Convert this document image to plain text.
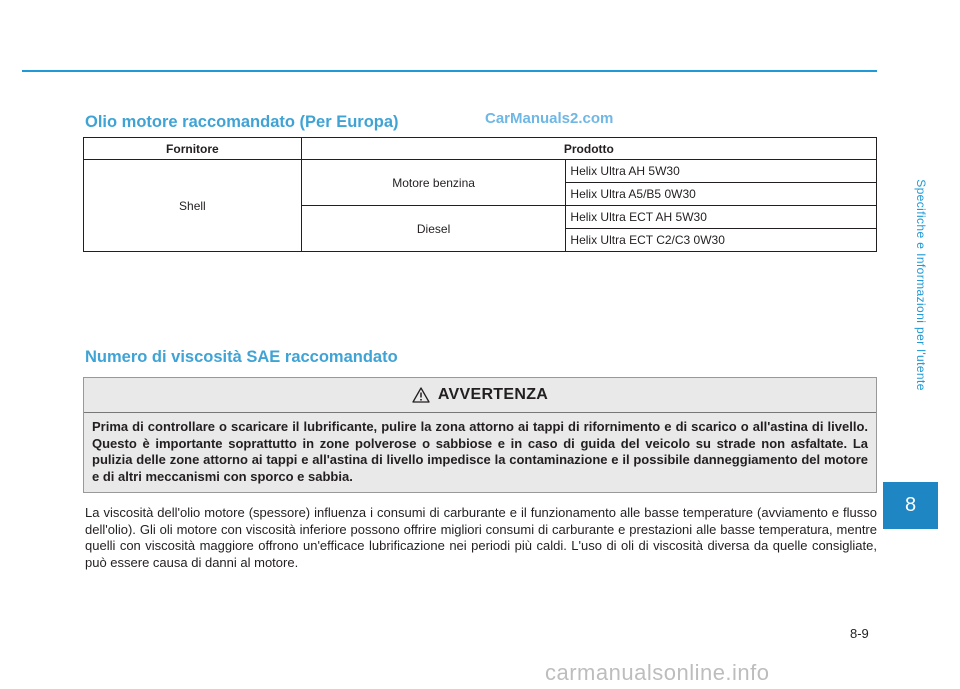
Olio motore raccomandato (Per Europa)	CarManuals2.com
Fornitore	Prodotto	
Shell	Motore benzina	Helix Ultra AH 5W30
		Helix Ultra A5/B5 0W30
	Diesel	Helix Ultra ECT AH 5W30
		Helix Ultra ECT C2/C3 0W30
Numero di viscosità SAE raccomandato
AVVERTENZA
Prima di controllare o scaricare il lubrificante, pulire la zona attorno ai tappi di rifornimento e di scarico o all'astina di livello. Questo è importante soprattutto in zone polverose o sabbiose e in caso di guida del veicolo su strade non asfaltate. La pulizia delle zone attorno ai tappi e all'astina di livello impedisce la contaminazione e il possibile danneggiamento del motore e di altri meccanismi con sporco e sabbia.

La viscosità dell'olio motore (spessore) influenza i consumi di carburante e il funzionamento alle basse temperature (avviamento e flusso dell'olio). Gli oli motore con viscosità inferiore possono offrire migliori consumi di carburante e prestazioni alle basse temperatura, mentre quelli con viscosità maggiore offrono un'efficace lubrificazione nei periodi più caldi. L'uso di oli di viscosità diversa da quelle consigliate, può essere causa di danni al motore.

Specifiche e Informazioni per l'utente
8
8-9
carmanualsonline.info
